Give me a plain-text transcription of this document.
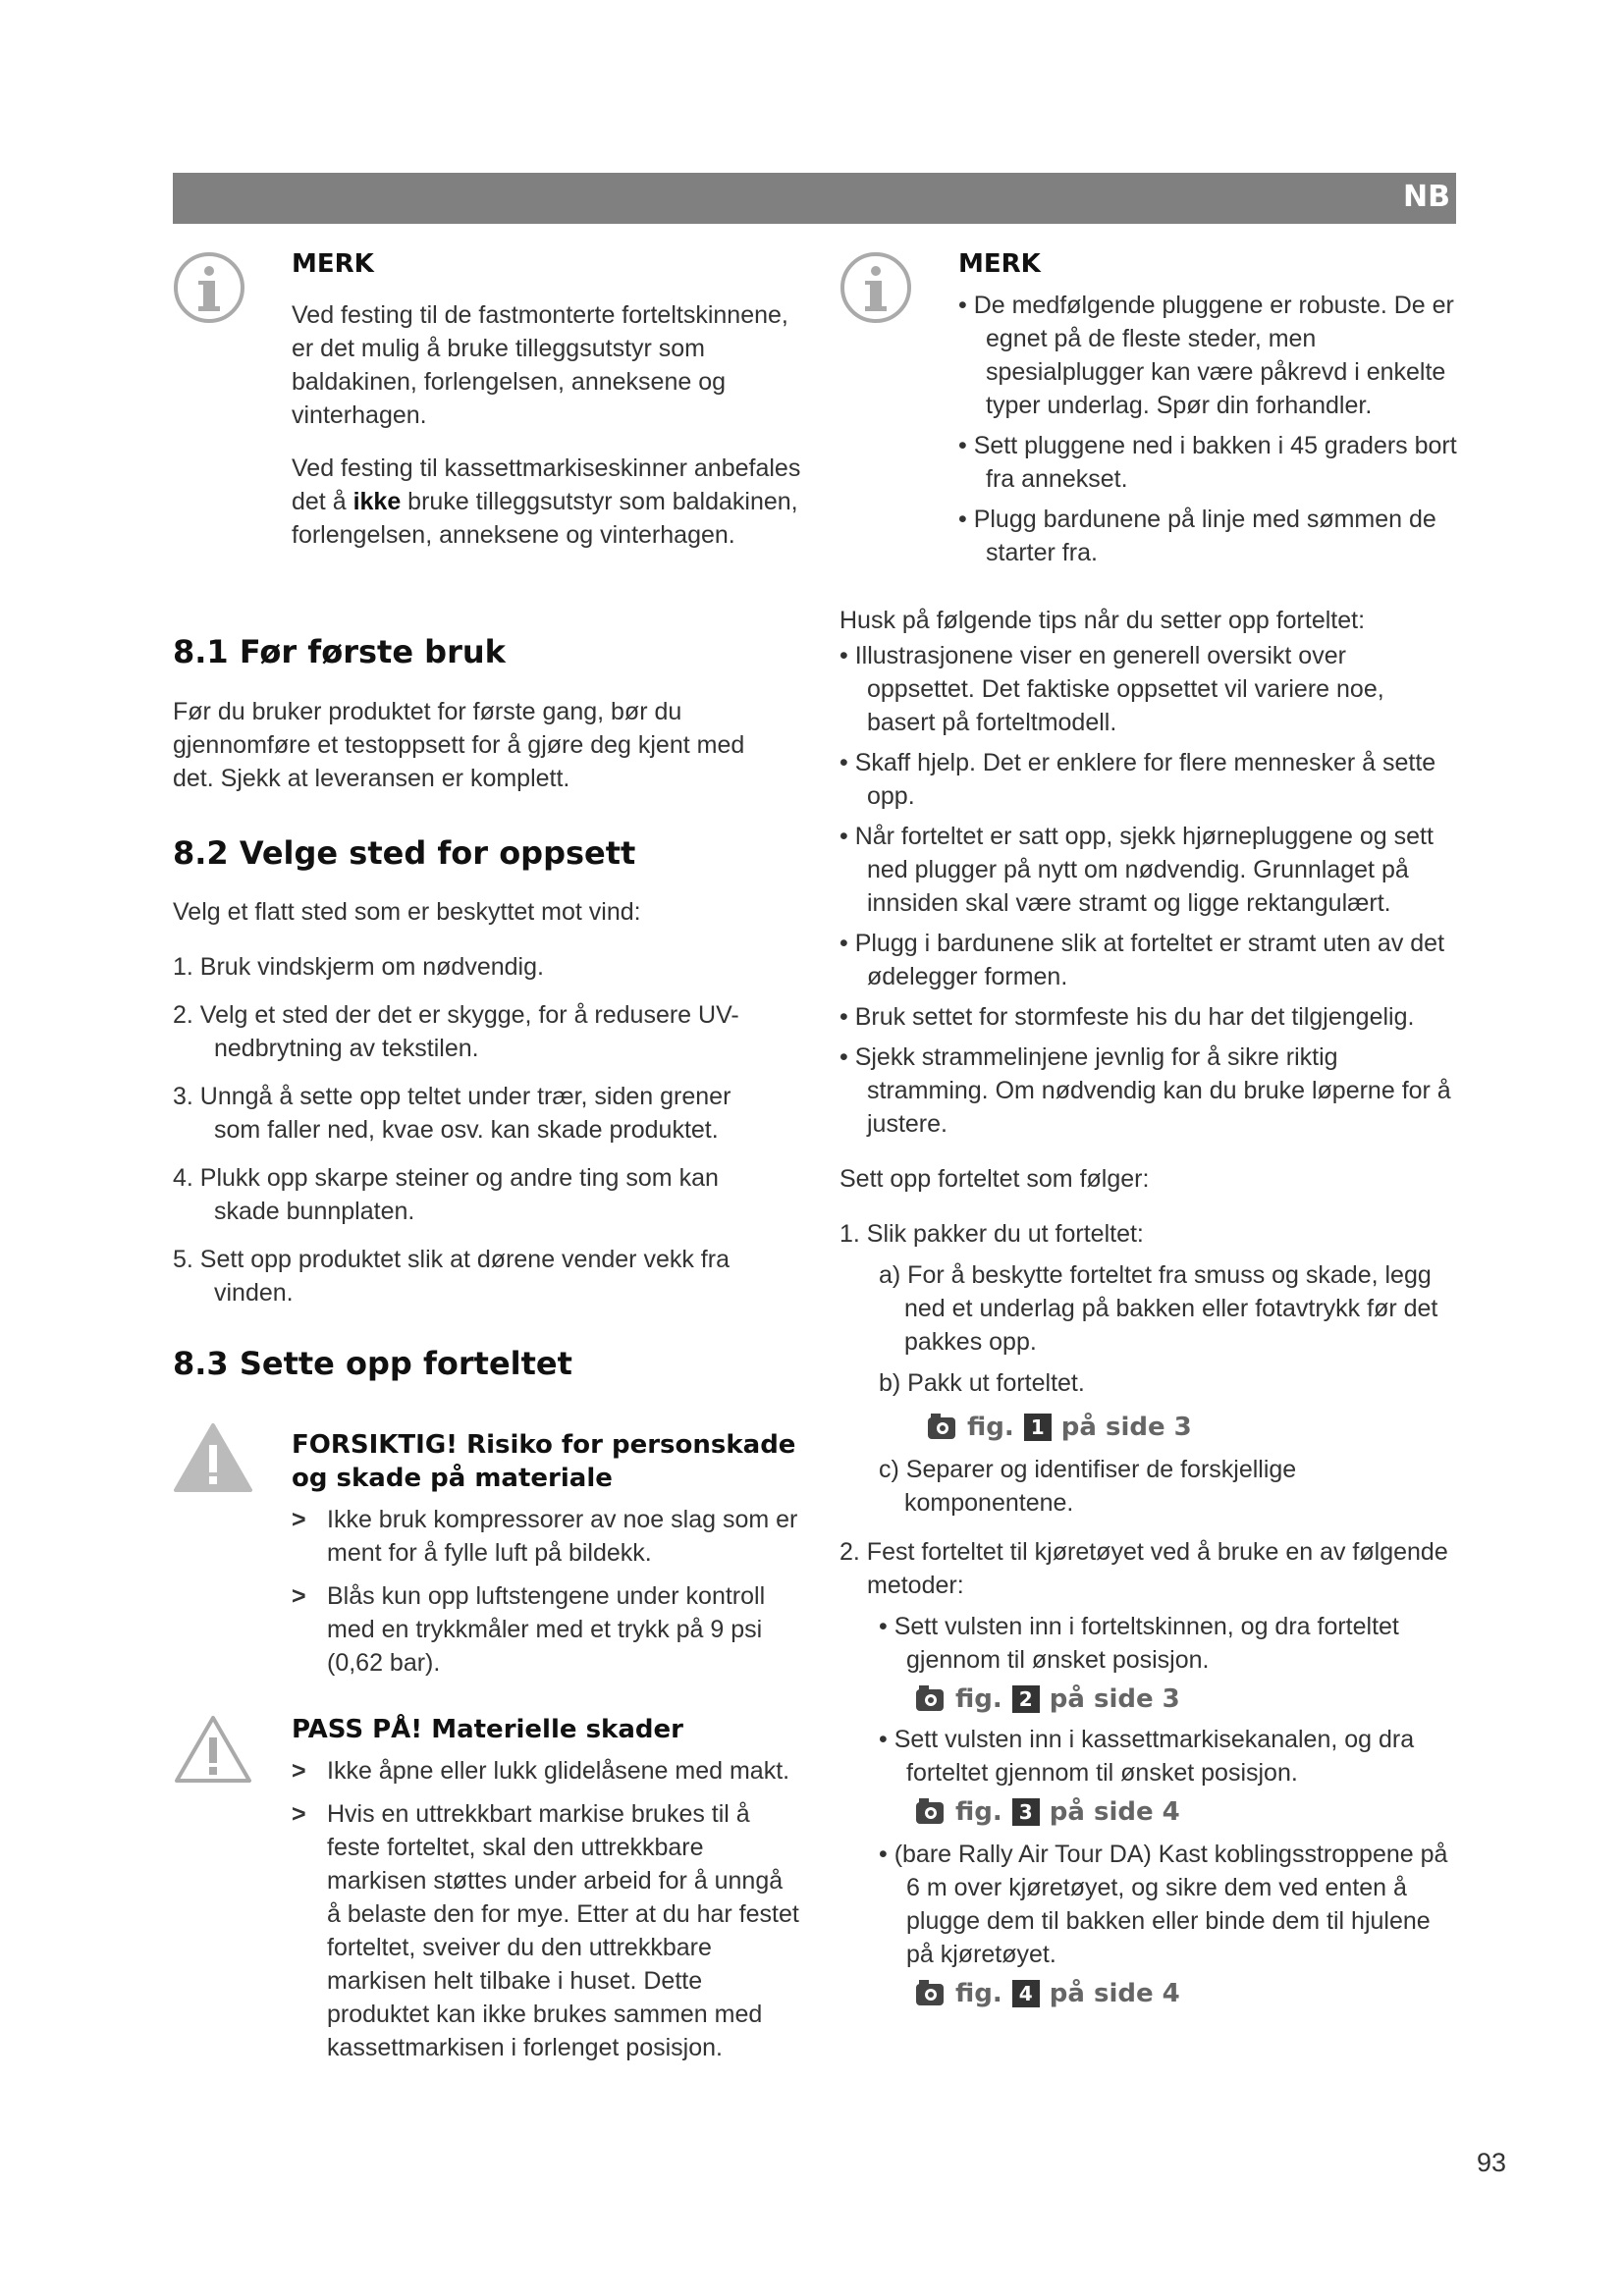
NB
MERK

Ved festing til de fastmonterte forteltskinnene, er det mulig å bruke tilleggsutstyr som baldakinen, forlengelsen, anneksene og vinterhagen.

Ved festing til kassettmarkiseskinner anbefales det å ikke bruke tilleggsutstyr som baldakinen, forlengelsen, anneksene og vinterhagen.

8.1 Før første bruk

Før du bruker produktet for første gang, bør du gjennomføre et testoppsett for å gjøre deg kjent med det. Sjekk at leveransen er komplett.

8.2 Velge sted for oppsett

Velg et flatt sted som er beskyttet mot vind:

1. Bruk vindskjerm om nødvendig.
2. Velg et sted der det er skygge, for å redusere UV-nedbrytning av tekstilen.
3. Unngå å sette opp teltet under trær, siden grener som faller ned, kvae osv. kan skade produktet.
4. Plukk opp skarpe steiner og andre ting som kan skade bunnplaten.
5. Sett opp produktet slik at dørene vender vekk fra vinden.
8.3 Sette opp forteltet
FORSIKTIG! Risiko for personskade og skade på materiale
> Ikke bruk kompressorer av noe slag som er ment for å fylle luft på bildekk.
> Blås kun opp luftstengene under kontroll med en trykkmåler med et trykk på 9 psi (0,62 bar).
PASS PÅ! Materielle skader
> Ikke åpne eller lukk glidelåsene med makt.
> Hvis en uttrekkbart markise brukes til å feste forteltet, skal den uttrekkbare markisen støttes under arbeid for å unngå å belaste den for mye. Etter at du har festet forteltet, sveiver du den uttrekkbare markisen helt tilbake i huset. Dette produktet kan ikke brukes sammen med kassettmarkisen i forlenget posisjon.
MERK
• De medfølgende pluggene er robuste. De er egnet på de fleste steder, men spesialplugger kan være påkrevd i enkelte typer underlag. Spør din forhandler.
• Sett pluggene ned i bakken i 45 graders bort fra annekset.
• Plugg bardunene på linje med sømmen de starter fra.

Husk på følgende tips når du setter opp forteltet:

• Illustrasjonene viser en generell oversikt over oppsettet. Det faktiske oppsettet vil variere noe, basert på forteltmodell.
• Skaff hjelp. Det er enklere for flere mennesker å sette opp.
• Når forteltet er satt opp, sjekk hjørnepluggene og sett ned plugger på nytt om nødvendig. Grunnlaget på innsiden skal være stramt og ligge rektangulært.
• Plugg i bardunene slik at forteltet er stramt uten av det ødelegger formen.
• Bruk settet for stormfeste his du har det tilgjengelig.
• Sjekk strammelinjene jevnlig for å sikre riktig stramming. Om nødvendig kan du bruke løperne for å justere.

Sett opp forteltet som følger:

1. Slik pakker du ut forteltet:

a) For å beskytte forteltet fra smuss og skade, legg ned et underlag på bakken eller fotavtrykk før det pakkes opp.

b) Pakk ut forteltet.

fig. 1 på side 3

c) Separer og identifiser de forskjellige komponentene.

2. Fest forteltet til kjøretøyet ved å bruke en av følgende metoder:

• Sett vulsten inn i forteltskinnen, og dra forteltet gjennom til ønsket posisjon.
fig. 2 på side 3
• Sett vulsten inn i kassettmarkisekanalen, og dra forteltet gjennom til ønsket posisjon.
fig. 3 på side 4
• (bare Rally Air Tour DA) Kast koblingsstroppene på 6 m over kjøretøyet, og sikre dem ved enten å plugge dem til bakken eller binde dem til hjulene på kjøretøyet.
fig. 4 på side 4
93
